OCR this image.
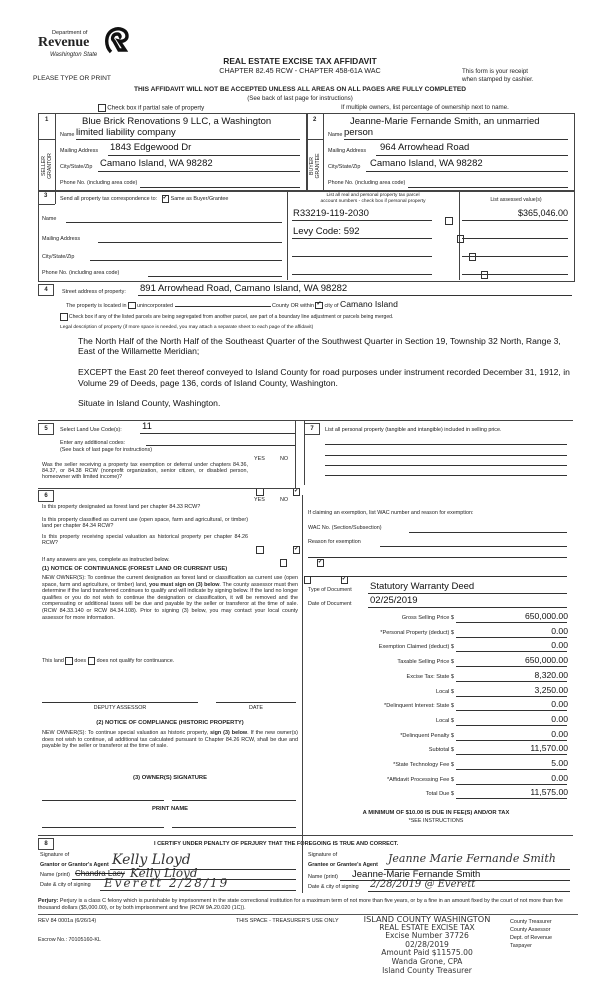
Department of
Revenue
Washington State
PLEASE TYPE OR PRINT
REAL ESTATE EXCISE TAX AFFIDAVIT
CHAPTER 82.45 RCW - CHAPTER 458-61A WAC	This form is your receipt
when stamped by cashier.
THIS AFFIDAVIT WILL NOT BE ACCEPTED UNLESS ALL AREAS ON ALL PAGES ARE FULLY COMPLETED
(See back of last page for instructions)
Check box if partial sale of property	If multiple owners, list percentage of ownership next to name.
1	2
SELLER GRANTOR	BUYER GRANTEE
Blue Brick Renovations 9 LLC, a Washington
Name limited liability company
Mailing Address 1843 Edgewood Dr
City/State/Zip Camano Island, WA 98282
Phone No. (including area code)
Jeanne-Marie Fernande Smith, an unmarried
Name person
Mailing Address 964 Arrowhead Road
City/State/Zip Camano Island, WA 98282
Phone No. (including area code)
3
Send all property tax correspondence to: ✓	Same as Buyer/Grantee
Name
Mailing Address
City/State/Zip
Phone No. (including area code)
List all real and personal property tax parcel
account numbers - check box if personal property	List assessed value(s)
R33219-119-2030
	$365,046.00
Levy Code: 592

4	Street address of property: 891 Arrowhead Road, Camano Island, WA 98282
The property is located in unincorporated	County OR within ✓ city of Camano Island
Check box if any of the listed parcels are being segregated from another parcel, are part of a boundary line adjustment or parcels being merged.
Legal description of property (if more space is needed, you may attach a separate sheet to each page of the affidavit)
The North Half of the North Half of the Southeast Quarter of the Southwest Quarter in Section 19, Township 32 North, Range 3, East of the Willamette Meridian;
EXCEPT the East 20 feet thereof conveyed to Island County for road purposes under instrument recorded December 31, 1912, in Volume 29 of Deeds, page 136, cords of Island County, Washington.
Situate in Island County, Washington.
5	Select Land Use Code(s): 11
Enter any additional codes:
(See back of last page for instructions)
YES	NO
Was the seller receiving a property tax exemption or deferral under chapters 84.36, 84.37, or 84.38 RCW (nonprofit organization, senior citizen, or disabled person, homeowner with limited income)?
✓
6
YES	NO
Is this property designated as forest land per chapter 84.33 RCW?
✓
Is this property classified as current use (open space, farm and agricultural, or timber) land per chapter 84.34 RCW?
✓
Is this property receiving special valuation as historical property per chapter 84.26 RCW?
✓
If any answers are yes, complete as instructed below.
(1) NOTICE OF CONTINUANCE (FOREST LAND OR CURRENT USE)
NEW OWNER(S): To continue the current designation as forest land or classification as current use (open space, farm and agriculture, or timber) land, you must sign on (3) below. The county assessor must then determine if the land transferred continues to qualify and will indicate by signing below. If the land no longer qualifies or you do not wish to continue the designation or classification, it will be removed and the compensating or additional taxes will be due and payable by the seller or transferor at the time of sale. (RCW 84.33.140 or RCW 84.34.108). Prior to signing (3) below, you may contact your local county assessor for more information.
This land does does not qualify for continuance.
DEPUTY ASSESSOR	DATE
(2) NOTICE OF COMPLIANCE (HISTORIC PROPERTY)
NEW OWNER(S): To continue special valuation as historic property, sign (3) below. If the new owner(s) does not wish to continue, all additional tax calculated pursuant to Chapter 84.26 RCW, shall be due and payable by the seller or transferor at the time of sale.
(3) OWNER(S) SIGNATURE
PRINT NAME
7	List all personal property (tangible and intangible) included in selling price.
If claiming an exemption, list WAC number and reason for exemption:
WAC No. (Section/Subsection)
Reason for exemption
Type of Document Statutory Warranty Deed
Date of Document 02/25/2019
Gross Selling Price $	650,000.00
*Personal Property (deduct) $	0.00
Exemption Claimed (deduct) $	0.00
Taxable Selling Price $	650,000.00
Excise Tax: State $	8,320.00
Local $	3,250.00
*Delinquent Interest: State $	0.00
Local $	0.00
*Delinquent Penalty $	0.00
Subtotal $	11,570.00
*State Technology Fee $	5.00
*Affidavit Processing Fee $	0.00
Total Due $	11,575.00
A MINIMUM OF $10.00 IS DUE IN FEE(S) AND/OR TAX
*SEE INSTRUCTIONS
8	I CERTIFY UNDER PENALTY OF PERJURY THAT THE FOREGOING IS TRUE AND CORRECT.
Signature of
Grantor or Grantor's Agent Kelly Lloyd
Name (print) Chandra Lacy Kelly Lloyd
Date & city of signing Everett 2/28/19
Signature of
Grantee or Grantee's Agent Jeanne Marie Fernande Smith
Name (print) Jeanne-Marie Fernande Smith
Date & city of signing 2/28/2019 @ Everett
Perjury: Perjury is a class C felony which is punishable by imprisonment in the state correctional institution for a maximum term of not more than five years, or by a fine in an amount fixed by the court of not more than five thousand dollars ($5,000.00), or by both imprisonment and fine (RCW 9A.20.020 (1C)).
REV 84 0001a (6/26/14)
Escrow No.: 70105160-KL
THIS SPACE - TREASURER'S USE ONLY	ISLAND COUNTY WASHINGTON
REAL ESTATE EXCISE TAX
Excise Number 37726
02/28/2019
Amount Paid $11575.00
Wanda Grone, CPA
Island County Treasurer
County Treasurer
County Assessor
Dept. of Revenue
Taxpayer
